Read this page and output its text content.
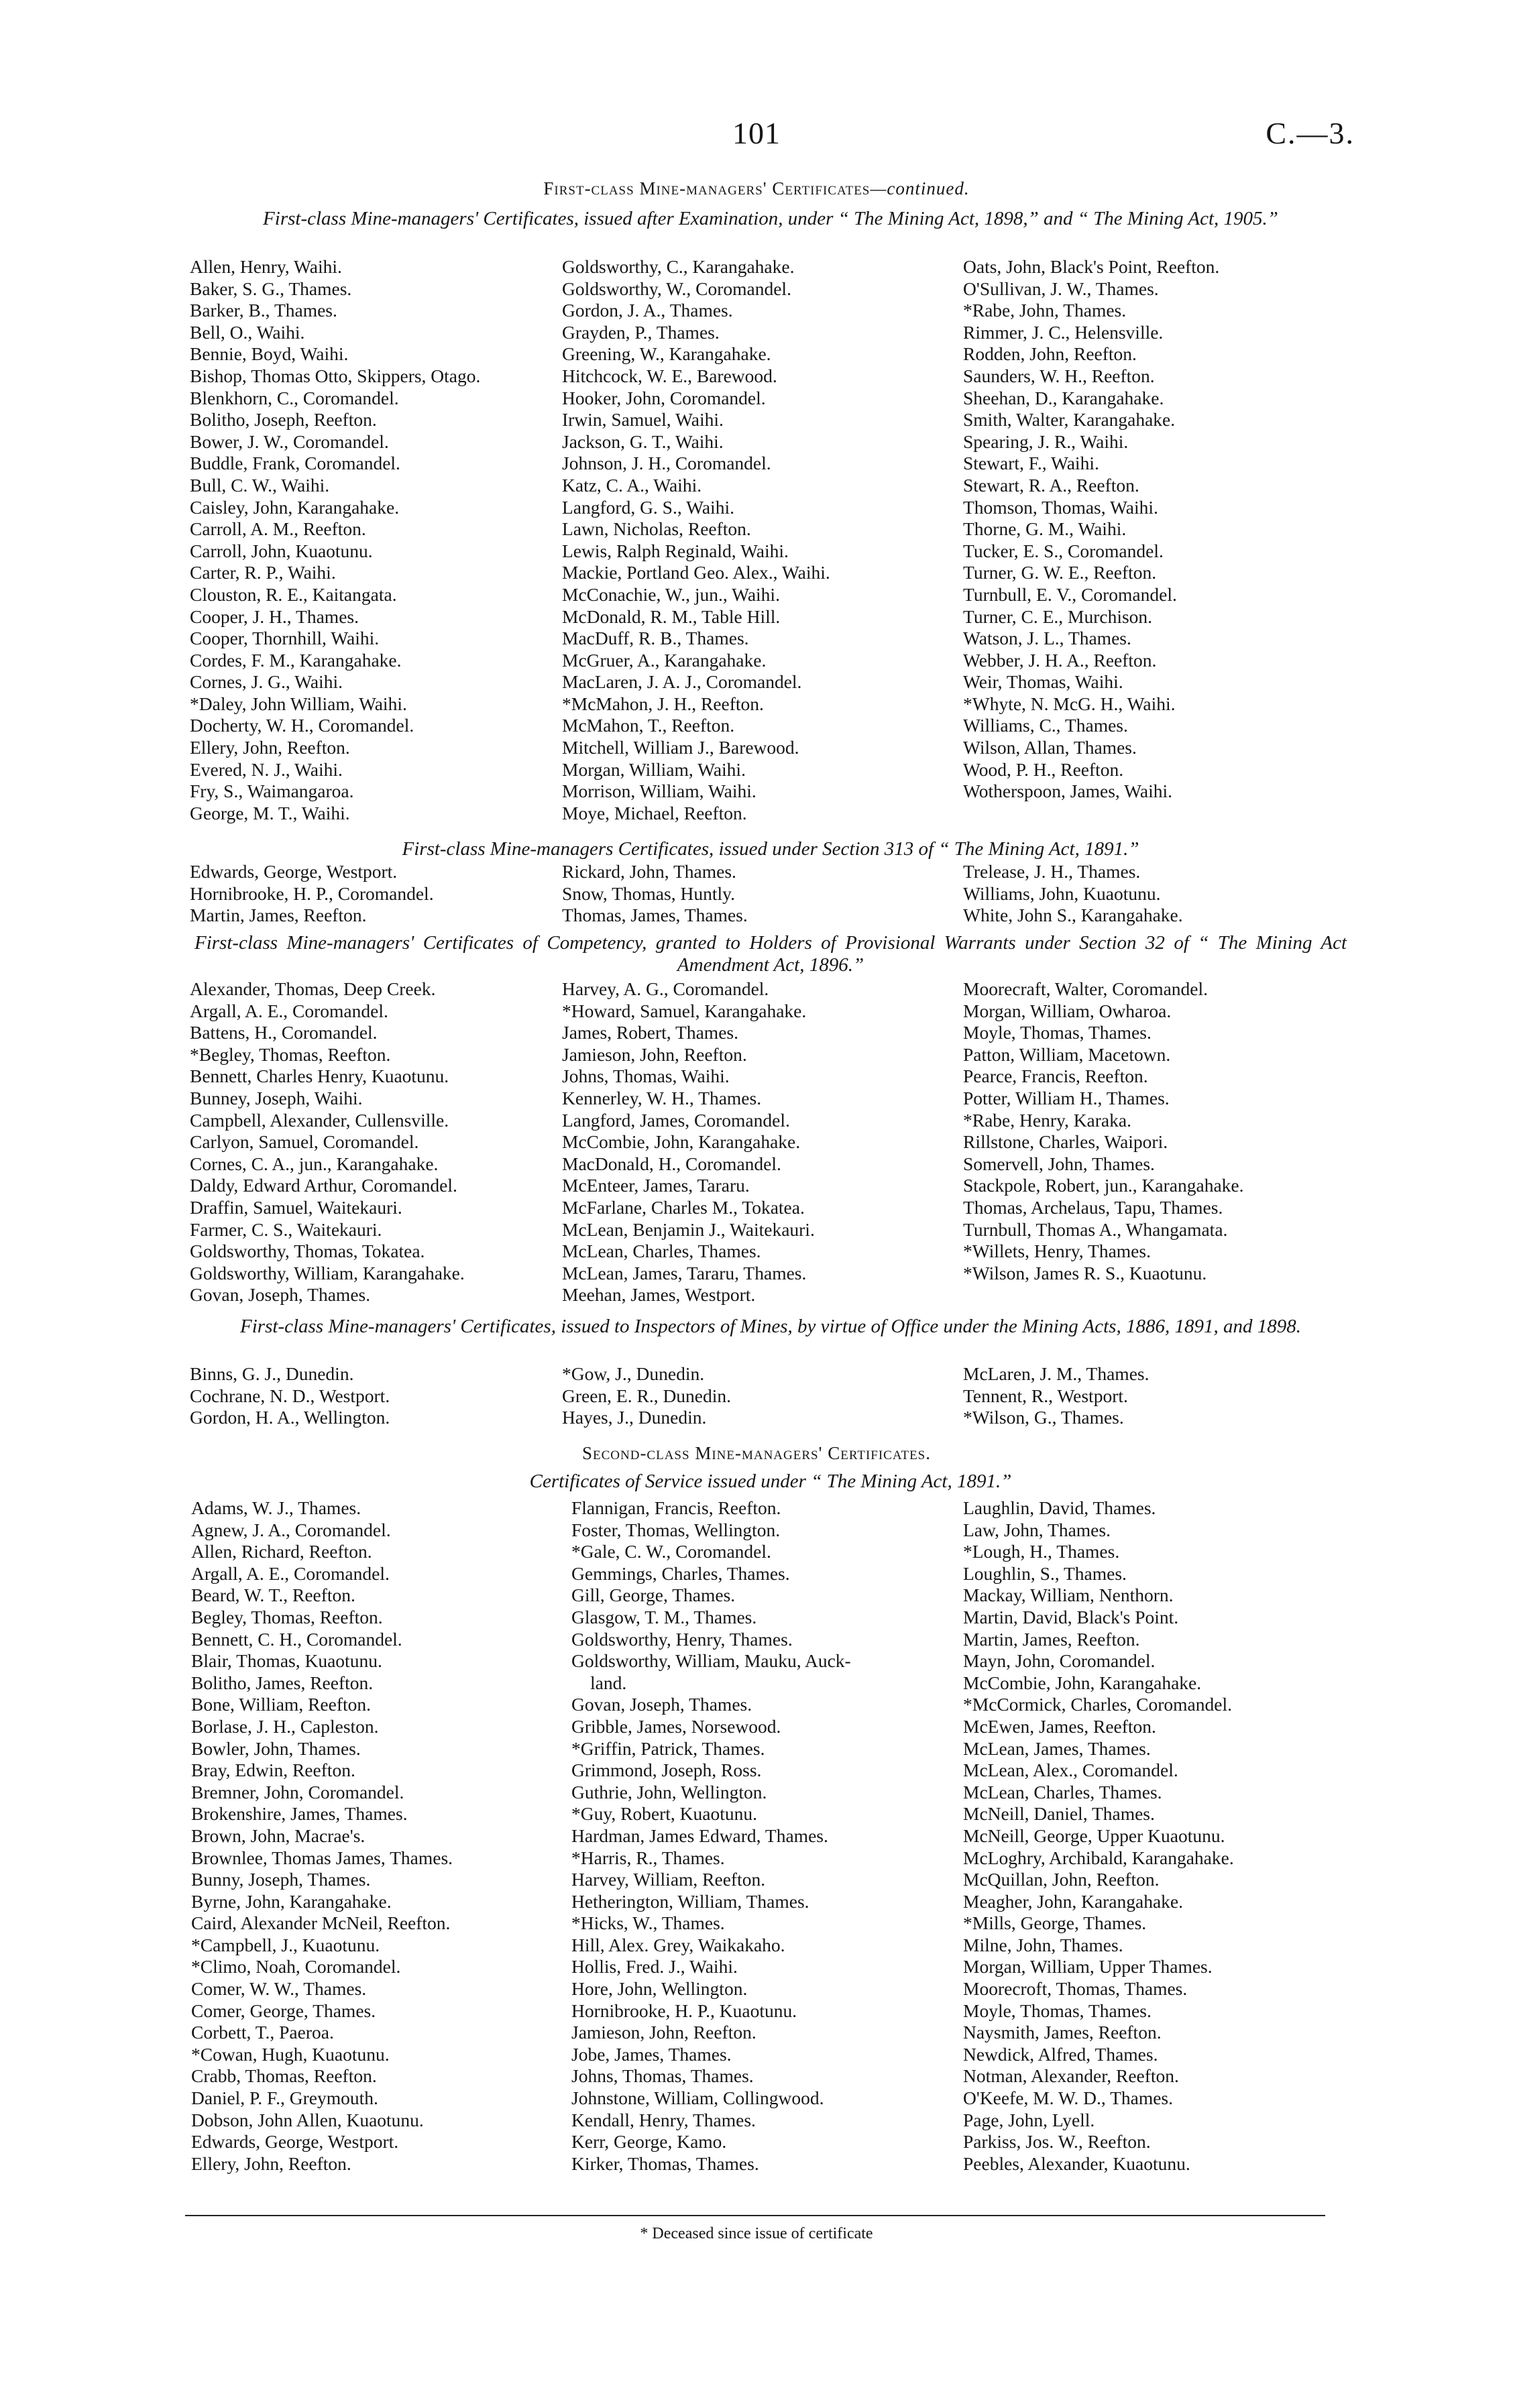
101	C.—3.
First-class Mine-managers' Certificates—continued.
First-class Mine-managers' Certificates, issued after Examination, under “ The Mining Act, 1898,” and “ The Mining Act, 1905.”
Allen, Henry, Waihi.
Baker, S. G., Thames.
Barker, B., Thames.
Bell, O., Waihi.
Bennie, Boyd, Waihi.
Bishop, Thomas Otto, Skippers, Otago.
Blenkhorn, C., Coromandel.
Bolitho, Joseph, Reefton.
Bower, J. W., Coromandel.
Buddle, Frank, Coromandel.
Bull, C. W., Waihi.
Caisley, John, Karangahake.
Carroll, A. M., Reefton.
Carroll, John, Kuaotunu.
Carter, R. P., Waihi.
Clouston, R. E., Kaitangata.
Cooper, J. H., Thames.
Cooper, Thornhill, Waihi.
Cordes, F. M., Karangahake.
Cornes, J. G., Waihi.
*Daley, John William, Waihi.
Docherty, W. H., Coromandel.
Ellery, John, Reefton.
Evered, N. J., Waihi.
Fry, S., Waimangaroa.
George, M. T., Waihi.
Goldsworthy, C., Karangahake.
Goldsworthy, W., Coromandel.
Gordon, J. A., Thames.
Grayden, P., Thames.
Greening, W., Karangahake.
Hitchcock, W. E., Barewood.
Hooker, John, Coromandel.
Irwin, Samuel, Waihi.
Jackson, G. T., Waihi.
Johnson, J. H., Coromandel.
Katz, C. A., Waihi.
Langford, G. S., Waihi.
Lawn, Nicholas, Reefton.
Lewis, Ralph Reginald, Waihi.
Mackie, Portland Geo. Alex., Waihi.
McConachie, W., jun., Waihi.
McDonald, R. M., Table Hill.
MacDuff, R. B., Thames.
McGruer, A., Karangahake.
MacLaren, J. A. J., Coromandel.
*McMahon, J. H., Reefton.
McMahon, T., Reefton.
Mitchell, William J., Barewood.
Morgan, William, Waihi.
Morrison, William, Waihi.
Moye, Michael, Reefton.
Oats, John, Black's Point, Reefton.
O'Sullivan, J. W., Thames.
*Rabe, John, Thames.
Rimmer, J. C., Helensville.
Rodden, John, Reefton.
Saunders, W. H., Reefton.
Sheehan, D., Karangahake.
Smith, Walter, Karangahake.
Spearing, J. R., Waihi.
Stewart, F., Waihi.
Stewart, R. A., Reefton.
Thomson, Thomas, Waihi.
Thorne, G. M., Waihi.
Tucker, E. S., Coromandel.
Turner, G. W. E., Reefton.
Turnbull, E. V., Coromandel.
Turner, C. E., Murchison.
Watson, J. L., Thames.
Webber, J. H. A., Reefton.
Weir, Thomas, Waihi.
*Whyte, N. McG. H., Waihi.
Williams, C., Thames.
Wilson, Allan, Thames.
Wood, P. H., Reefton.
Wotherspoon, James, Waihi.
First-class Mine-managers Certificates, issued under Section 313 of “ The Mining Act, 1891.”
Edwards, George, Westport.
Hornibrooke, H. P., Coromandel.
Martin, James, Reefton.
Rickard, John, Thames.
Snow, Thomas, Huntly.
Thomas, James, Thames.
Trelease, J. H., Thames.
Williams, John, Kuaotunu.
White, John S., Karangahake.
First-class Mine-managers' Certificates of Competency, granted to Holders of Provisional Warrants under Section 32 of “ The Mining Act Amendment Act, 1896.”
Alexander, Thomas, Deep Creek.
Argall, A. E., Coromandel.
Battens, H., Coromandel.
*Begley, Thomas, Reefton.
Bennett, Charles Henry, Kuaotunu.
Bunney, Joseph, Waihi.
Campbell, Alexander, Cullensville.
Carlyon, Samuel, Coromandel.
Cornes, C. A., jun., Karangahake.
Daldy, Edward Arthur, Coromandel.
Draffin, Samuel, Waitekauri.
Farmer, C. S., Waitekauri.
Goldsworthy, Thomas, Tokatea.
Goldsworthy, William, Karangahake.
Govan, Joseph, Thames.
Harvey, A. G., Coromandel.
*Howard, Samuel, Karangahake.
James, Robert, Thames.
Jamieson, John, Reefton.
Johns, Thomas, Waihi.
Kennerley, W. H., Thames.
Langford, James, Coromandel.
McCombie, John, Karangahake.
MacDonald, H., Coromandel.
McEnteer, James, Tararu.
McFarlane, Charles M., Tokatea.
McLean, Benjamin J., Waitekauri.
McLean, Charles, Thames.
McLean, James, Tararu, Thames.
Meehan, James, Westport.
Moorecraft, Walter, Coromandel.
Morgan, William, Owharoa.
Moyle, Thomas, Thames.
Patton, William, Macetown.
Pearce, Francis, Reefton.
Potter, William H., Thames.
*Rabe, Henry, Karaka.
Rillstone, Charles, Waipori.
Somervell, John, Thames.
Stackpole, Robert, jun., Karangahake.
Thomas, Archelaus, Tapu, Thames.
Turnbull, Thomas A., Whangamata.
*Willets, Henry, Thames.
*Wilson, James R. S., Kuaotunu.
First-class Mine-managers' Certificates, issued to Inspectors of Mines, by virtue of Office under the Mining Acts, 1886, 1891, and 1898.
Binns, G. J., Dunedin.
Cochrane, N. D., Westport.
Gordon, H. A., Wellington.
*Gow, J., Dunedin.
Green, E. R., Dunedin.
Hayes, J., Dunedin.
McLaren, J. M., Thames.
Tennent, R., Westport.
*Wilson, G., Thames.
Second-class Mine-managers' Certificates.
Certificates of Service issued under “ The Mining Act, 1891.”
Adams, W. J., Thames.
Agnew, J. A., Coromandel.
Allen, Richard, Reefton.
Argall, A. E., Coromandel.
Beard, W. T., Reefton.
Begley, Thomas, Reefton.
Bennett, C. H., Coromandel.
Blair, Thomas, Kuaotunu.
Bolitho, James, Reefton.
Bone, William, Reefton.
Borlase, J. H., Capleston.
Bowler, John, Thames.
Bray, Edwin, Reefton.
Bremner, John, Coromandel.
Brokenshire, James, Thames.
Brown, John, Macrae's.
Brownlee, Thomas James, Thames.
Bunny, Joseph, Thames.
Byrne, John, Karangahake.
Caird, Alexander McNeil, Reefton.
*Campbell, J., Kuaotunu.
*Climo, Noah, Coromandel.
Comer, W. W., Thames.
Comer, George, Thames.
Corbett, T., Paeroa.
*Cowan, Hugh, Kuaotunu.
Crabb, Thomas, Reefton.
Daniel, P. F., Greymouth.
Dobson, John Allen, Kuaotunu.
Edwards, George, Westport.
Ellery, John, Reefton.
Flannigan, Francis, Reefton.
Foster, Thomas, Wellington.
*Gale, C. W., Coromandel.
Gemmings, Charles, Thames.
Gill, George, Thames.
Glasgow, T. M., Thames.
Goldsworthy, Henry, Thames.
Goldsworthy, William, Mauku, Auck-
land.
Govan, Joseph, Thames.
Gribble, James, Norsewood.
*Griffin, Patrick, Thames.
Grimmond, Joseph, Ross.
Guthrie, John, Wellington.
*Guy, Robert, Kuaotunu.
Hardman, James Edward, Thames.
*Harris, R., Thames.
Harvey, William, Reefton.
Hetherington, William, Thames.
*Hicks, W., Thames.
Hill, Alex. Grey, Waikakaho.
Hollis, Fred. J., Waihi.
Hore, John, Wellington.
Hornibrooke, H. P., Kuaotunu.
Jamieson, John, Reefton.
Jobe, James, Thames.
Johns, Thomas, Thames.
Johnstone, William, Collingwood.
Kendall, Henry, Thames.
Kerr, George, Kamo.
Kirker, Thomas, Thames.
Laughlin, David, Thames.
Law, John, Thames.
*Lough, H., Thames.
Loughlin, S., Thames.
Mackay, William, Nenthorn.
Martin, David, Black's Point.
Martin, James, Reefton.
Mayn, John, Coromandel.
McCombie, John, Karangahake.
*McCormick, Charles, Coromandel.
McEwen, James, Reefton.
McLean, James, Thames.
McLean, Alex., Coromandel.
McLean, Charles, Thames.
McNeill, Daniel, Thames.
McNeill, George, Upper Kuaotunu.
McLoghry, Archibald, Karangahake.
McQuillan, John, Reefton.
Meagher, John, Karangahake.
*Mills, George, Thames.
Milne, John, Thames.
Morgan, William, Upper Thames.
Moorecroft, Thomas, Thames.
Moyle, Thomas, Thames.
Naysmith, James, Reefton.
Newdick, Alfred, Thames.
Notman, Alexander, Reefton.
O'Keefe, M. W. D., Thames.
Page, John, Lyell.
Parkiss, Jos. W., Reefton.
Peebles, Alexander, Kuaotunu.
* Deceased since issue of certificate
